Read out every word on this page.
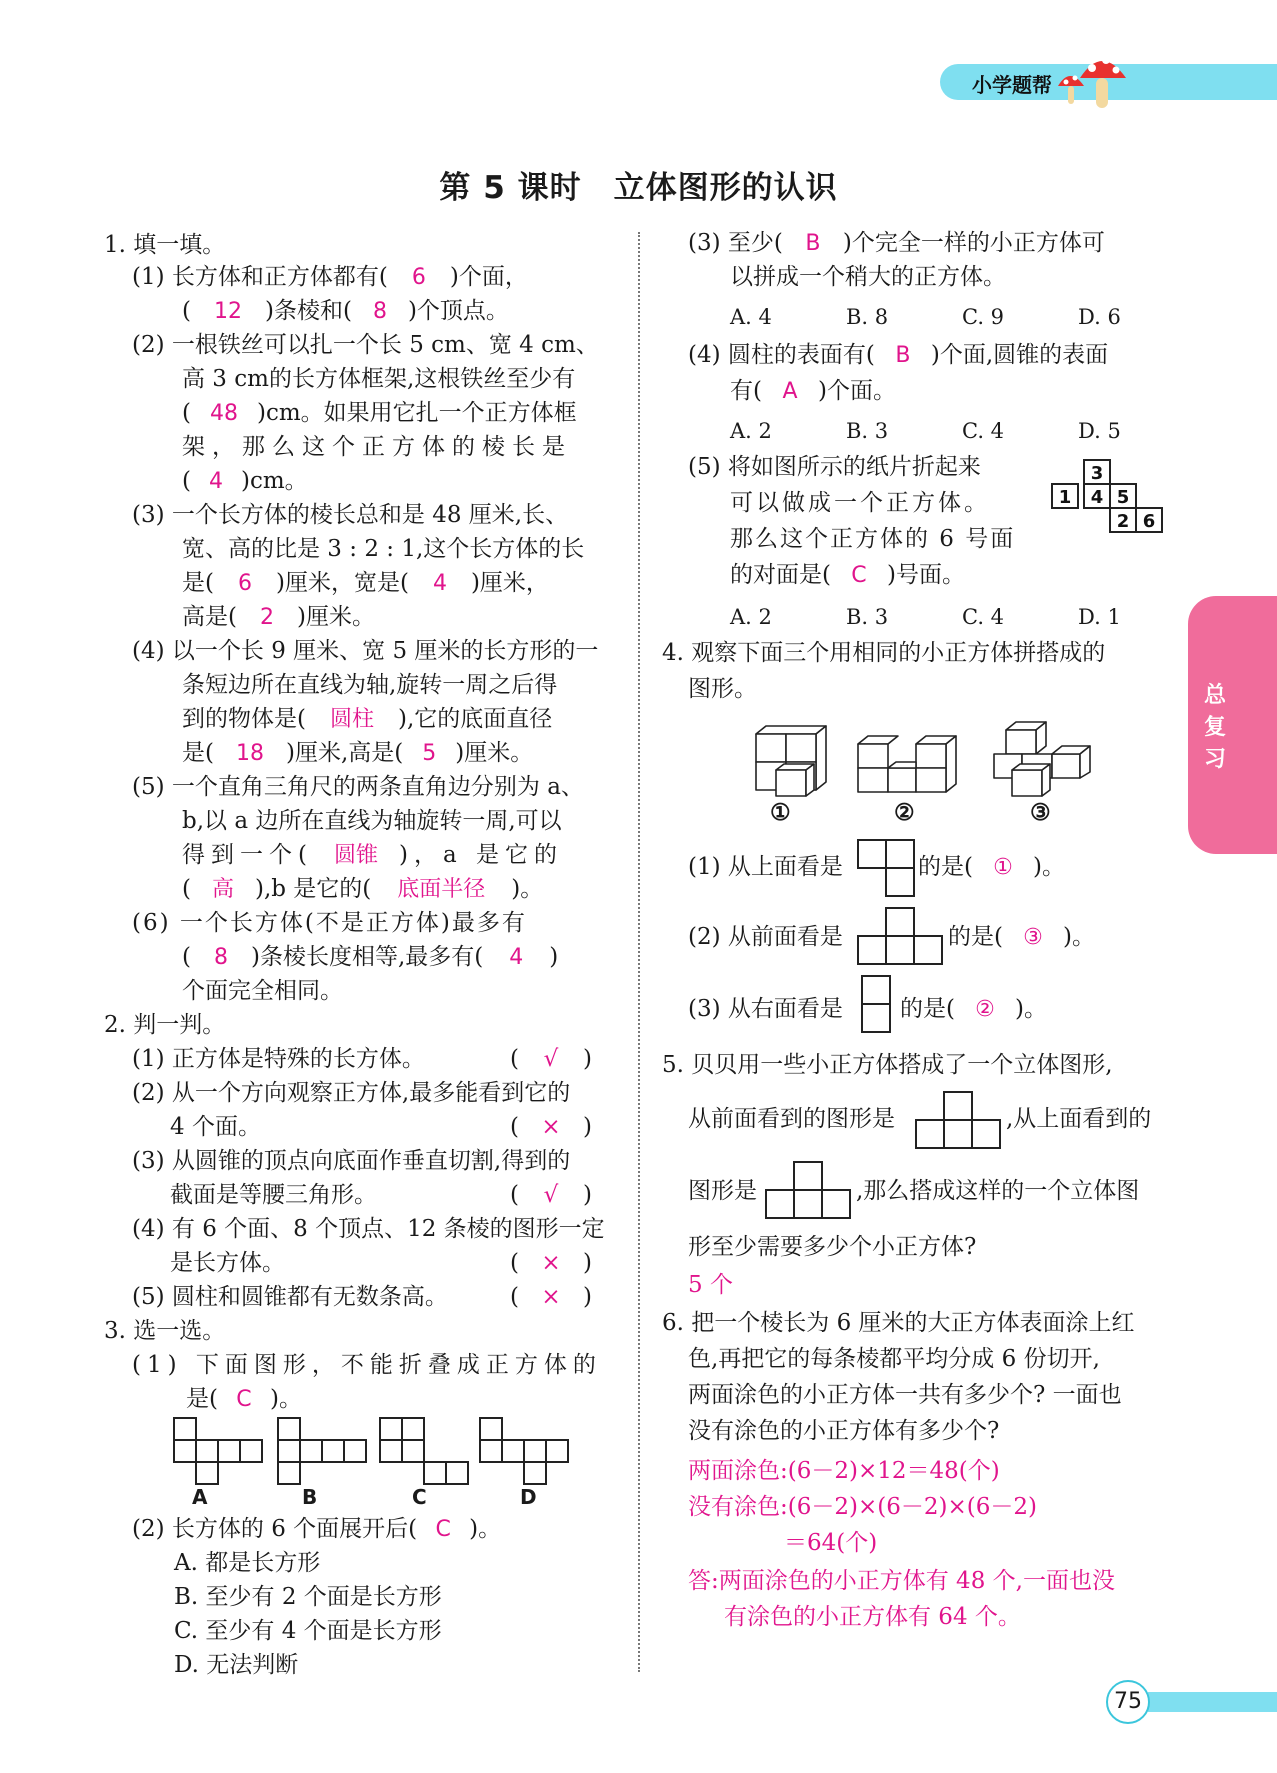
小学题帮
总复习
第 5 课时　立体图形的认识
1. 填一填。
(1) 长方体和正方体都有( 6 )个面，
( 12 )条棱和( 8 )个顶点。
(2) 一根铁丝可以扎一个长 5 cm、宽 4 cm、
高 3 cm的长方体框架,这根铁丝至少有
( 48 )cm。如果用它扎一个正方体框
架，那么这个正方体的棱长是
( 4 )cm。
(3) 一个长方体的棱长总和是 48 厘米,长、
宽、高的比是 3 : 2 : 1,这个长方体的长
是( 6 )厘米，宽是( 4 )厘米，
高是( 2 )厘米。
(4) 以一个长 9 厘米、宽 5 厘米的长方形的一
条短边所在直线为轴,旋转一周之后得
到的物体是( 圆柱 ),它的底面直径
是( 18 )厘米,高是( 5 )厘米。
(5) 一个直角三角尺的两条直角边分别为 a、
b,以 a 边所在直线为轴旋转一周,可以
得到一个( 圆锥 )，a 是它的
( 高 ),b 是它的( 底面半径 )。
(6) 一个长方体(不是正方体)最多有
( 8 )条棱长度相等,最多有( 4 )
个面完全相同。
2. 判一判。
(1) 正方体是特殊的长方体。	( √ )
(2) 从一个方向观察正方体,最多能看到它的
4 个面。	( × )
(3) 从圆锥的顶点向底面作垂直切割,得到的
截面是等腰三角形。	( √ )
(4) 有 6 个面、8 个顶点、12 条棱的图形一定
是长方体。	( × )
(5) 圆柱和圆锥都有无数条高。	( × )
3. 选一选。
(1) 下面图形，不能折叠成正方体的
是( C )。
A	B	C	D
(2) 长方体的 6 个面展开后( C )。
A. 都是长方形
B. 至少有 2 个面是长方形
C. 至少有 4 个面是长方形
D. 无法判断
(3) 至少( B )个完全一样的小正方体可
以拼成一个稍大的正方体。
A. 4	B. 8	C. 9	D. 6
(4) 圆柱的表面有( B )个面,圆锥的表面
有( A )个面。
A. 2	B. 3	C. 4	D. 5
(5) 将如图所示的纸片折起来
可以做成一个正方体。
那么这个正方体的 6 号面
的对面是( C )号面。
A. 2	B. 3	C. 4	D. 1
3
1 4 5
2 6
4. 观察下面三个用相同的小正方体拼搭成的
图形。
①	②	③
(1) 从上面看是	的是( ① )。
(2) 从前面看是	的是( ③ )。
(3) 从右面看是 的是( ② )。
5. 贝贝用一些小正方体搭成了一个立体图形,
从前面看到的图形是	,从上面看到的
图形是	,那么搭成这样的一个立体图
形至少需要多少个小正方体?
5 个
6. 把一个棱长为 6 厘米的大正方体表面涂上红
色,再把它的每条棱都平均分成 6 份切开,
两面涂色的小正方体一共有多少个? 一面也
没有涂色的小正方体有多少个?
两面涂色:(6－2)×12＝48(个)
没有涂色:(6－2)×(6－2)×(6－2)
＝64(个)
答:两面涂色的小正方体有 48 个,一面也没
有涂色的小正方体有 64 个。
75
